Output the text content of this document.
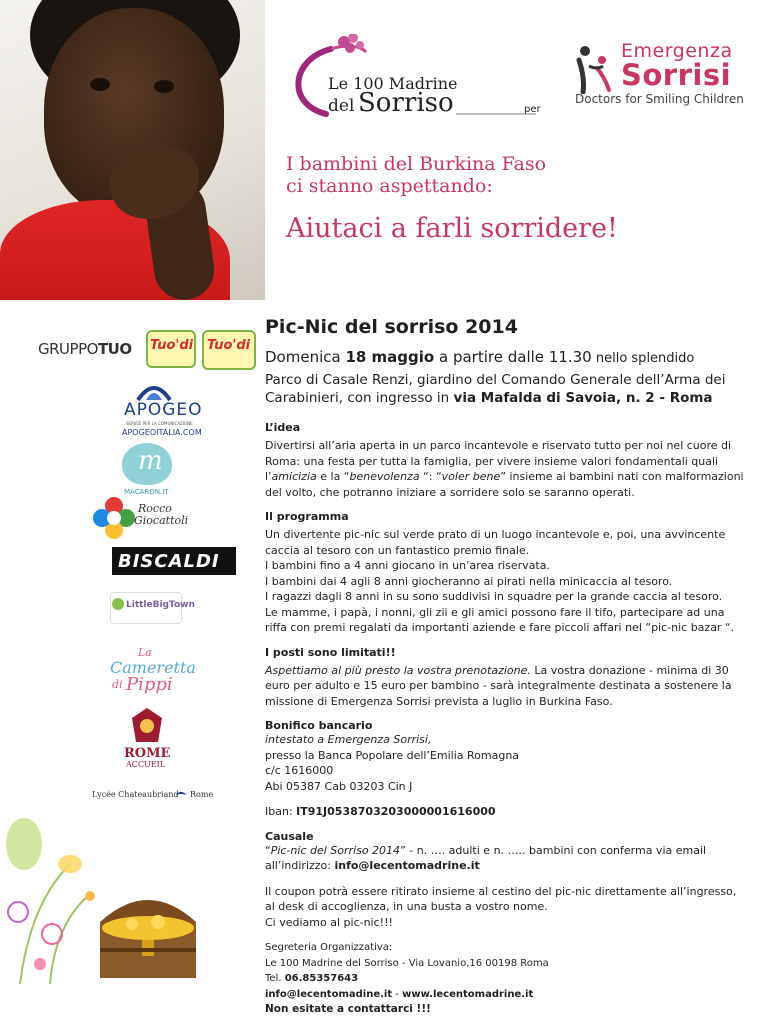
Le 100 Madrine
del Sorriso	per
Emergenza
Sorrisi
Doctors for Smiling Children
I bambini del Burkina Faso
ci stanno aspettando:
Aiutaci a farli sorridere!
GRUPPOTUO Tuo'di Tuo'di
APOGEO
SERVIZI PER LA COMUNICAZIONE
APOGEOITALIA.COM
m
MACARON.IT
Rocco
Giocattoli
BISCALDI
LittleBigTown
La
Cameretta
di Pippi
ROME
ACCUEIL
Lycée Chateaubriand Rome
Pic-Nic del sorriso 2014

Domenica 18 maggio a partire dalle 11.30 nello splendido

Parco di Casale Renzi, giardino del Comando Generale dell’Arma dei Carabinieri, con ingresso in via Mafalda di Savoia, n. 2 - Roma

L’idea

Divertirsi all’aria aperta in un parco incantevole e riservato tutto per noi nel cuore di Roma: una festa per tutta la famiglia, per vivere insieme valori fondamentali quali l’amicizia e la “benevolenza “: “voler bene” insieme ai bambini nati con malformazioni del volto, che potranno iniziare a sorridere solo se saranno operati.

Il programma

Un divertente pic-nic sul verde prato di un luogo incantevole e, poi, una avvincente caccia al tesoro con un fantastico premio finale.

I bambini fino a 4 anni giocano in un’area riservata.

I bambini dai 4 agli 8 anni giocheranno ai pirati nella minicaccia al tesoro.

I ragazzi dagli 8 anni in su sono suddivisi in squadre per la grande caccia al tesoro.

Le mamme, i papà, i nonni, gli zii e gli amici possono fare il tifo, partecipare ad una riffa con premi regalati da importanti aziende e fare piccoli affari nel “pic-nic bazar “.

I posti sono limitati!!

Aspettiamo al più presto la vostra prenotazione. La vostra donazione - minima di 30 euro per adulto e 15 euro per bambino - sarà integralmente destinata a sostenere la missione di Emergenza Sorrisi prevista a luglio in Burkina Faso.

Bonifico bancario

intestato a Emergenza Sorrisi,

presso la Banca Popolare dell’Emilia Romagna

c/c 1616000

Abi 05387 Cab 03203 Cin J

Iban: IT91J0538703203000001616000

Causale

“Pic-nic del Sorriso 2014” - n. …. adulti e n. ….. bambini con conferma via email all’indirizzo: info@lecentomadrine.it

Il coupon potrà essere ritirato insieme al cestino del pic-nic direttamente all’ingresso, al desk di accoglienza, in una busta a vostro nome.

Ci vediamo al pic-nic!!!

Segreteria Organizzativa:

Le 100 Madrine del Sorriso - Via Lovanio,16 00198 Roma

Tel. 06.85357643

info@lecentomadine.it - www.lecentomadrine.it

Non esitate a contattarci !!!
